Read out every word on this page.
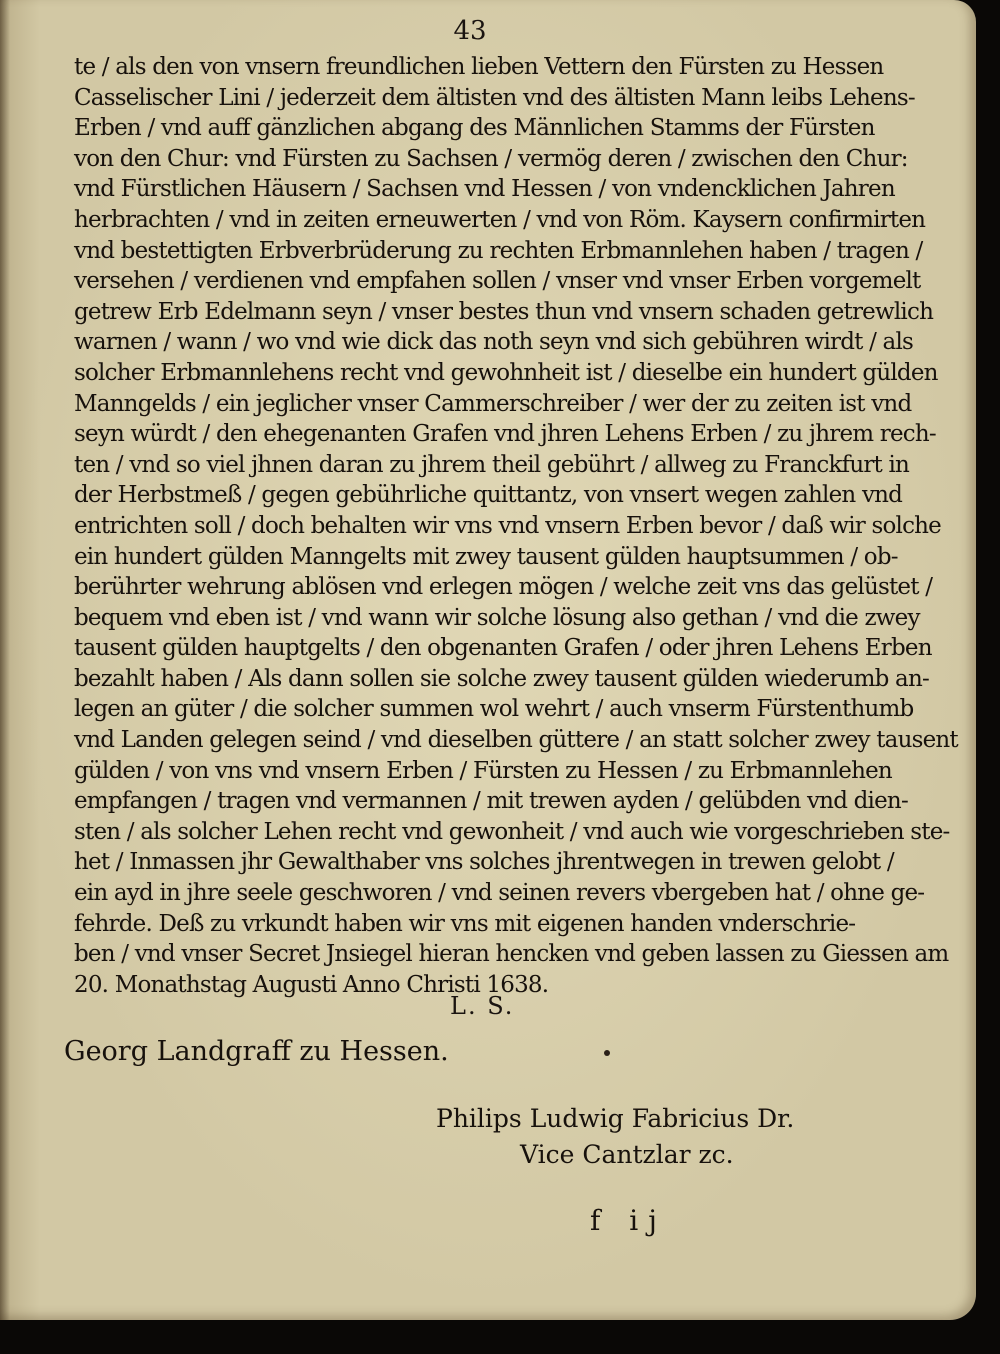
43
te / als den von vnsern freundlichen lieben Vettern den Fürsten zu Hessen
Casselischer Lini / jederzeit dem ältisten vnd des ältisten Mann leibs Lehens-
Erben / vnd auff gänzlichen abgang des Männlichen Stamms der Fürsten
von den Chur: vnd Fürsten zu Sachsen / vermög deren / zwischen den Chur:
vnd Fürstlichen Häusern / Sachsen vnd Hessen / von vndencklichen Jahren
herbrachten / vnd in zeiten erneuwerten / vnd von Röm. Kaysern confirmirten
vnd bestettigten Erbverbrüderung zu rechten Erbmannlehen haben / tragen /
versehen / verdienen vnd empfahen sollen / vnser vnd vnser Erben vorgemelt
getrew Erb Edelmann seyn / vnser bestes thun vnd vnsern schaden getrewlich
warnen / wann / wo vnd wie dick das noth seyn vnd sich gebühren wirdt / als
solcher Erbmannlehens recht vnd gewohnheit ist / dieselbe ein hundert gülden
Manngelds / ein jeglicher vnser Cammerschreiber / wer der zu zeiten ist vnd
seyn würdt / den ehegenanten Grafen vnd jhren Lehens Erben / zu jhrem rech-
ten / vnd so viel jhnen daran zu jhrem theil gebührt / allweg zu Franckfurt in
der Herbstmeß / gegen gebührliche quittantz, von vnsert wegen zahlen vnd
entrichten soll / doch behalten wir vns vnd vnsern Erben bevor / daß wir solche
ein hundert gülden Manngelts mit zwey tausent gülden hauptsummen / ob-
berührter wehrung ablösen vnd erlegen mögen / welche zeit vns das gelüstet /
bequem vnd eben ist / vnd wann wir solche lösung also gethan / vnd die zwey
tausent gülden hauptgelts / den obgenanten Grafen / oder jhren Lehens Erben
bezahlt haben / Als dann sollen sie solche zwey tausent gülden wiederumb an-
legen an güter / die solcher summen wol wehrt / auch vnserm Fürstenthumb
vnd Landen gelegen seind / vnd dieselben güttere / an statt solcher zwey tausent
gülden / von vns vnd vnsern Erben / Fürsten zu Hessen / zu Erbmannlehen
empfangen / tragen vnd vermannen / mit trewen ayden / gelübden vnd dien-
sten / als solcher Lehen recht vnd gewonheit / vnd auch wie vorgeschrieben ste-
het / Inmassen jhr Gewalthaber vns solches jhrentwegen in trewen gelobt /
ein ayd in jhre seele geschworen / vnd seinen revers vbergeben hat / ohne ge-
fehrde. Deß zu vrkundt haben wir vns mit eigenen handen vnderschrie-
ben / vnd vnser Secret Jnsiegel hieran hencken vnd geben lassen zu Giessen am
20. Monathstag Augusti Anno Christi 1638.
L. S.
Georg Landgraff zu Hessen.
Philips Ludwig Fabricius Dr.
Vice Cantzlar zc.
f ij
